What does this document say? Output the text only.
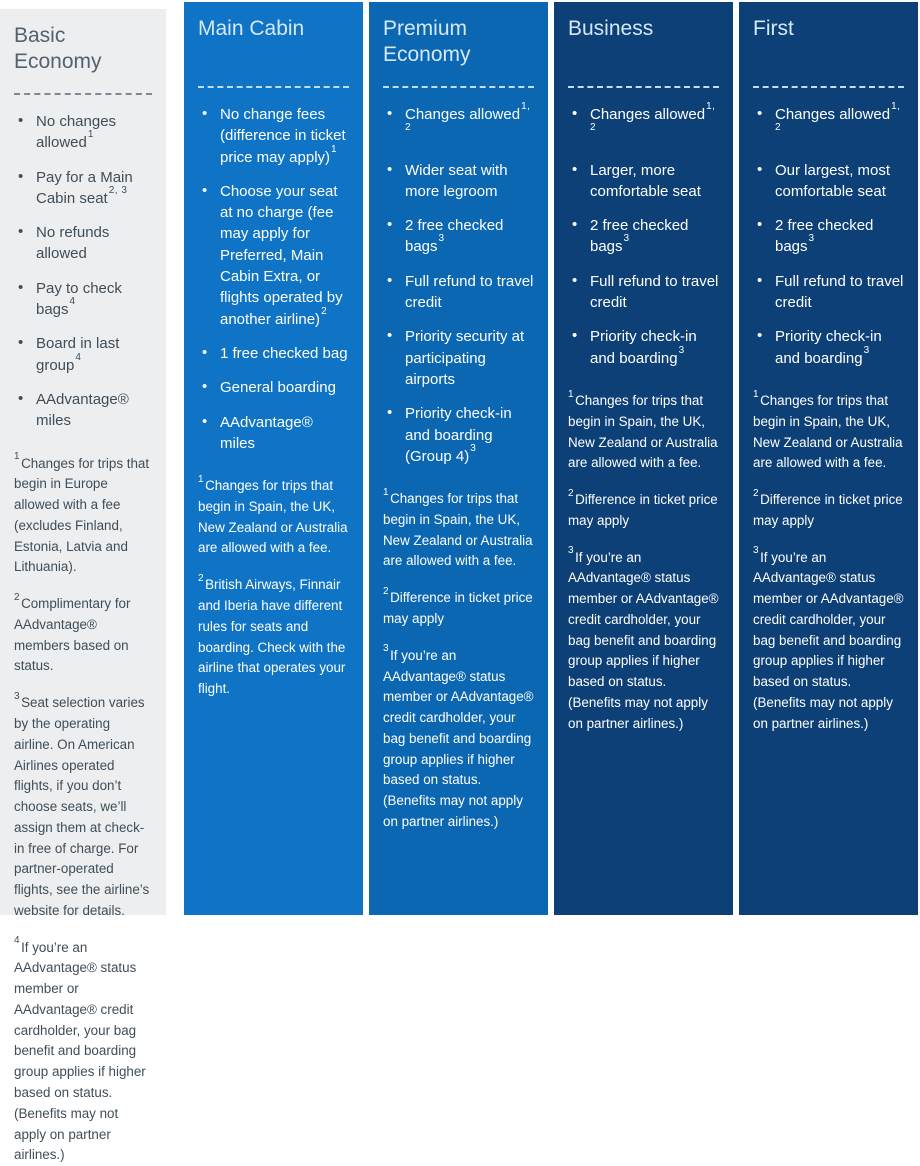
Basic Economy
• No changes allowed$^1$
• Pay for a Main Cabin seat$^{2, 3}$
• No refunds allowed
• Pay to check bags$^4$
• Board in last group$^4$
• AAdvantage® miles

$^1$Changes for trips that begin in Europe allowed with a fee (excludes Finland, Estonia, Latvia and Lithuania).

$^2$Complimentary for AAdvantage® members based on status.

$^3$Seat selection varies by the operating airline. On American Airlines operated flights, if you don’t choose seats, we’ll assign them at check-in free of charge. For partner-operated flights, see the airline’s website for details.

$^4$If you’re an AAdvantage® status member or AAdvantage® credit cardholder, your bag benefit and boarding group applies if higher based on status. (Benefits may not apply on partner airlines.)

Main Cabin
• No change fees (difference in ticket price may apply)$^1$
• Choose your seat at no charge (fee may apply for Preferred, Main Cabin Extra, or flights operated by another airline)$^2$
• 1 free checked bag
• General boarding
• AAdvantage® miles

$^1$Changes for trips that begin in Spain, the UK, New Zealand or Australia are allowed with a fee.

$^2$British Airways, Finnair and Iberia have different rules for seats and boarding. Check with the airline that operates your flight.

Premium Economy
• Changes allowed$^{1, 2}$
• Wider seat with more legroom
• 2 free checked bags$^3$
• Full refund to travel credit
• Priority security at participating airports
• Priority check-in and boarding (Group 4)$^3$

$^1$Changes for trips that begin in Spain, the UK, New Zealand or Australia are allowed with a fee.

$^2$Difference in ticket price may apply

$^3$If you’re an AAdvantage® status member or AAdvantage® credit cardholder, your bag benefit and boarding group applies if higher based on status. (Benefits may not apply on partner airlines.)

Business
• Changes allowed$^{1, 2}$
• Larger, more comfortable seat
• 2 free checked bags$^3$
• Full refund to travel credit
• Priority check-in and boarding$^3$

$^1$Changes for trips that begin in Spain, the UK, New Zealand or Australia are allowed with a fee.

$^2$Difference in ticket price may apply

$^3$If you’re an AAdvantage® status member or AAdvantage® credit cardholder, your bag benefit and boarding group applies if higher based on status. (Benefits may not apply on partner airlines.)

First
• Changes allowed$^{1, 2}$
• Our largest, most comfortable seat
• 2 free checked bags$^3$
• Full refund to travel credit
• Priority check-in and boarding$^3$

$^1$Changes for trips that begin in Spain, the UK, New Zealand or Australia are allowed with a fee.

$^2$Difference in ticket price may apply

$^3$If you’re an AAdvantage® status member or AAdvantage® credit cardholder, your bag benefit and boarding group applies if higher based on status. (Benefits may not apply on partner airlines.)
